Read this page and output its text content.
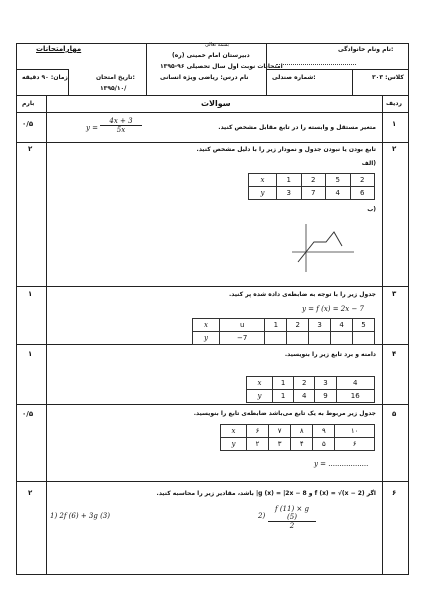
مهارامتحانات	بسمه تعالی
دبیرستان امام خمینی (ره)
امتحانات نوبت اول سال تحصیلی ۹۶-۱۳۹۵
نام درس: ریاضی ویژه انسانی
نام ونام خانوادگی:
زمان: ۹۰ دقیقه	تاریخ امتحان:
۱۳۹۵/۱۰/
شماره صندلی:	کلاس: ۳۰۳
بارم	سوالات	ردیف
۱
۰/۵	متغیر مستقل و وابسته را در تابع مقابل مشخص کنید.
$y = \frac{4x + 3}{5x}$
۲
۲	تابع بودن یا نبودن جدول و نمودار زیر را با دلیل مشخص کنید.
(الف
x	1	2	5	2
y	3	7	4	6
(ب
۳
۱	جدول زیر را با توجه به ضابطه‌ی داده شده پر کنید.
y = f (x) = 2x − 7
x	u	1	2	3	4	5
y	−7					
۴
۱	دامنه و برد تابع زیر را بنویسید.
x	1	2	3	4
y	1	4	9	16
۵
۰/۵	جدول زیر مربوط به یک تابع می‌باشد ضابطه‌ی تابع را بنویسید.
x	۶	۷	۸	۹	۱۰
y	۲	۳	۴	۵	۶
y = ..................
۶
۲	اگر f (x) = √(x − 2) و g (x) = |2x − 8| باشد، مقادیر زیر را محاسبه کنید.
1) 2f (6) + 3g (3)	$2) \frac{f (11) \times g (5)}{2}$
